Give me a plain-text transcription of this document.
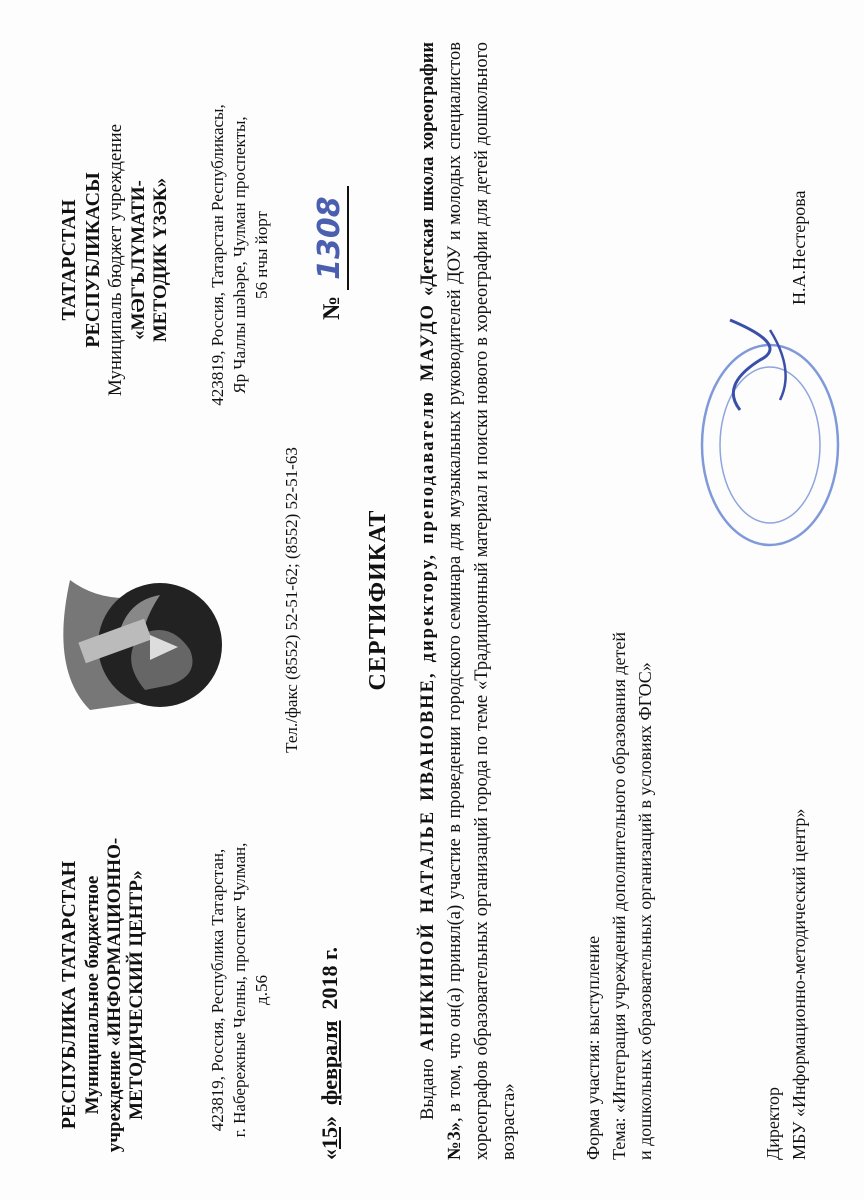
РЕСПУБЛИКА ТАТАРСТАН Муниципальное бюджетное учреждение «ИНФОРМАЦИОННО- МЕТОДИЧЕСКИЙ ЦЕНТР»
ТАТАРСТАН РЕСПУБЛИКАСЫ Муниципаль бюджет учреждение «МӘГЪЛҮМАТИ- МЕТОДИК ҮЗӘК»
423819, Россия, Республика Татарстан, г. Набережные Челны, проспект Чулман, д.56
423819, Россия, Татарстан Республикасы, Яр Чаллы шәһәре, Чулман проспекты, 56 нчы йорт
Тел./факс (8552) 52-51-62; (8552) 52-51-63
«15»  февраля  2018 г.
№ 1308
СЕРТИФИКАТ
Выдано АНИКИНОЙ НАТАЛЬЕ ИВАНОВНЕ, директору, преподавателю МАУДО «Детская школа хореографии №3», в том, что он(а) принял(а) участие в проведении городского семинара для музыкальных руководителей ДОУ и молодых специалистов хореографов образовательных организаций города по теме «Традиционный материал и поиски нового в хореографии для детей дошкольного возраста»	Форма участия: выступление Тема: «Интеграция учреждений дополнительного образования детей и дошкольных образовательных организаций в условиях ФГОС»	Директор МБУ «Информационно-методический центр»
Н.А.Нестерова
